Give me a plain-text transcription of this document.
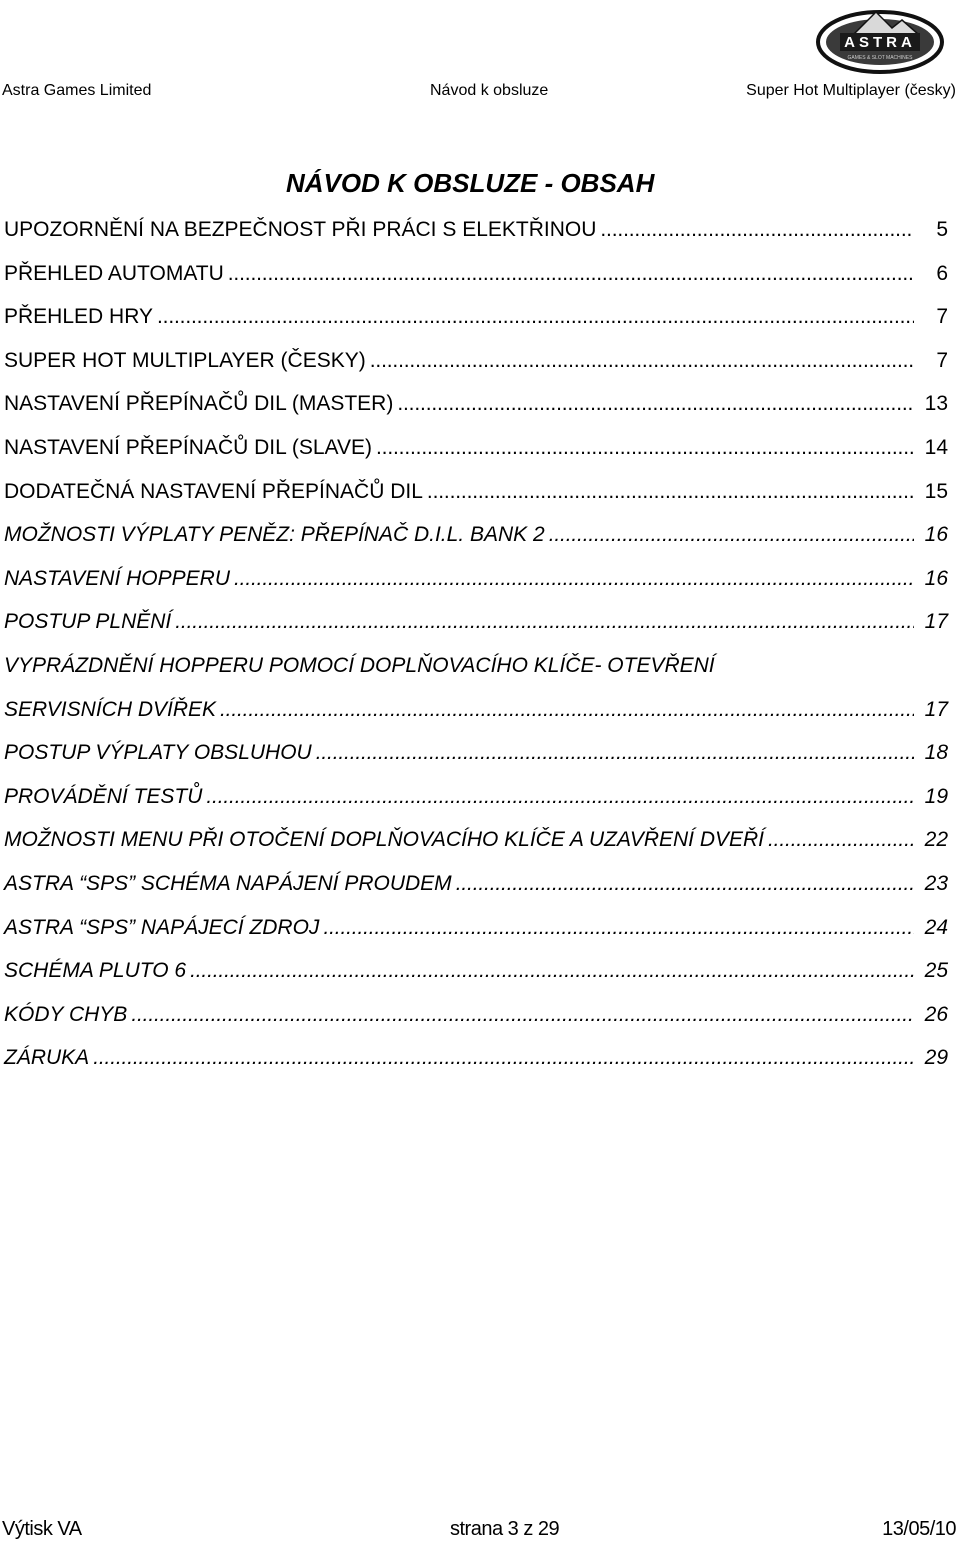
Astra Games Limited	Návod k obsluze	Super Hot Multiplayer (česky)
ASTRA
GAMES & SLOT MACHINES
NÁVOD K OBSLUZE - OBSAH
UPOZORNĚNÍ NA BEZPEČNOST PŘI PRÁCI S ELEKTŘINOU . . .	5
PŘEHLED AUTOMATU . . .	6
PŘEHLED HRY . . .	7
SUPER HOT MULTIPLAYER (ČESKY) . . .	7
NASTAVENÍ PŘEPÍNAČŮ DIL (MASTER) . . .	13
NASTAVENÍ PŘEPÍNAČŮ DIL (SLAVE) . . .	14
DODATEČNÁ NASTAVENÍ PŘEPÍNAČŮ DIL . . .	15
MOŽNOSTI VÝPLATY PENĚZ: PŘEPÍNAČ D.I.L. BANK 2 . . .	16
NASTAVENÍ HOPPERU . . .	16
POSTUP PLNĚNÍ . . .	17
VYPRÁZDNĚNÍ HOPPERU POMOCÍ DOPLŇOVACÍHO KLÍČE- OTEVŘENÍ
SERVISNÍCH DVÍŘEK . . .	17
POSTUP VÝPLATY OBSLUHOU . . .	18
PROVÁDĚNÍ TESTŮ . . .	19
MOŽNOSTI MENU PŘI OTOČENÍ DOPLŇOVACÍHO KLÍČE A UZAVŘENÍ DVEŘÍ . . .	22
ASTRA “SPS” SCHÉMA NAPÁJENÍ PROUDEM . . .	23
ASTRA “SPS” NAPÁJECÍ ZDROJ . . .	24
SCHÉMA PLUTO 6 . . .	25
KÓDY CHYB . . .	26
ZÁRUKA . . .	29
Výtisk VA	strana 3 z 29	13/05/10
